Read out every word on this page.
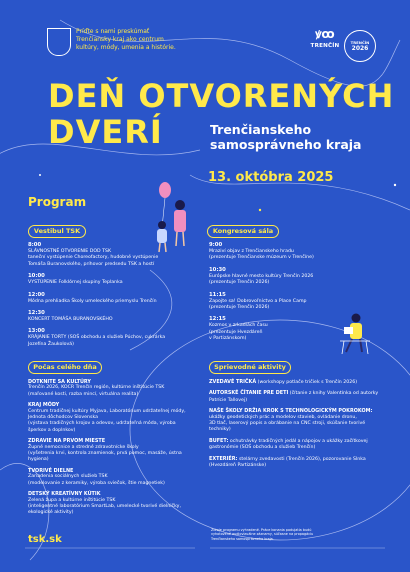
Príďte s nami preskúmať
Trenčiansky kraj ako centrum
kultúry, módy, umenia a histórie.
ꝟꝏ
TRENČÍN
TRENČÍN
2026
DEŇ OTVORENÝCH
DVERÍ	Trenčianskeho
samosprávneho kraja
13. októbra 2025
Program
Vestibul TSK
8:00
SLÁVNOSTNÉ OTVORENIE DOD TSK
taneční vystúpenie Choreofactory, hudobné vystúpenie
Tomáša Buranovského, príhovor predsedu TSK a hostí
10:00
VYSTÚPENIE Folklórnej skupiny Teplanka
12:00
Módna prehliadka Školy umeleckého priemyslu Trenčín
12:30
KONCERT TOMÁŠA BURANOVSKÉHO
13:00
KRÁJANIE TORTY (SOŠ obchodu a služieb Púchov, cukrárka
Jozefína Žaukolová)
Kongresová sála
9:00
Mraziví objav z Trenčianskeho hradu
(prezentuje Trenčianske múzeum v Trenčíne)
10:30
Európske hlavné mesto kultúry Trenčín 2026
(prezentuje Trenčín 2026)
11:15
Zapojte sa! Dobrovoľníctvo a Place Camp
(prezentuje Trenčín 2026)
12:15
Kozmos v zrkadlách času
(prezentuje Hvezdáreň
v Partizánskom)
Počas celého dňa
DOTKNITE SA KULTÚRY
Trenčín 2026, KOCR Trenčín región, kultúrne inštitúcie TSK
(maľované kosti, razba mincí, virtuálna realita)
KRAJ MÓDY
Centrum tradičnej kultúry Myjava, Laboratórium udržateľnej módy,
Jednota dôchodcov Slovenska
(výstava tradičných krojov a odevov, udržateľná móda, výroba
šperkov a doplnkov)
ZDRAVIE NA PRVOM MIESTE
Župné nemocnice a stredné zdravotnícke školy
(vyšetrenia krvi, kontrola znamienok, prvá pomoc, masáže, ústna
hygiena)
TVORIVÉ DIELNE
Zariadenia sociálnych služieb TSK
(modelovanie z keramiky, výroba sviečok, štie magnetiek)
DETSKÝ KREATÍVNY KÚTIK
Zelená župa a kultúrne inštitúcie TSK
(inteligentné laboratórium SmartLab, umelecké tvorivé dielničky,
ekologické aktivity)
Sprievodné aktivity
ZVEDAVÉ TRIČKÁ (workshopy potlače tričiek s Trenčín 2026)
AUTORSKÉ ČÍTANIE PRE DETI (čítanie z knihy Valentínka od autorky
Patrície Tallovej)
NAŠE ŠKOLY DRŽIA KROK S TECHNOLOGICKÝM POKROKOM:
ukážky geodetických prác a modelov stavieb, ovládanie dronu,
3D tlač, laserový popis a obrábanie na CNC stroji, skúšanie tvorivé
techniky)
BUFET: ochutnávky tradičných jedál a nápojov a ukážky začítkovej
gastronómie (SOŠ obchodu a služieb Trenčín)
EXTERIÉR: stelárny zvedavosti (Trenčín 2026), pozorovanie Slnka
(Hvezdáreň Partizánske)
tsk.sk
Zdroje programu vyhradené. Práce konania podujatia budú
vyhotovené audiovizuálne záznamy, súčasne na propagáciu
Trenčianskeho samosprávneho kraja.
